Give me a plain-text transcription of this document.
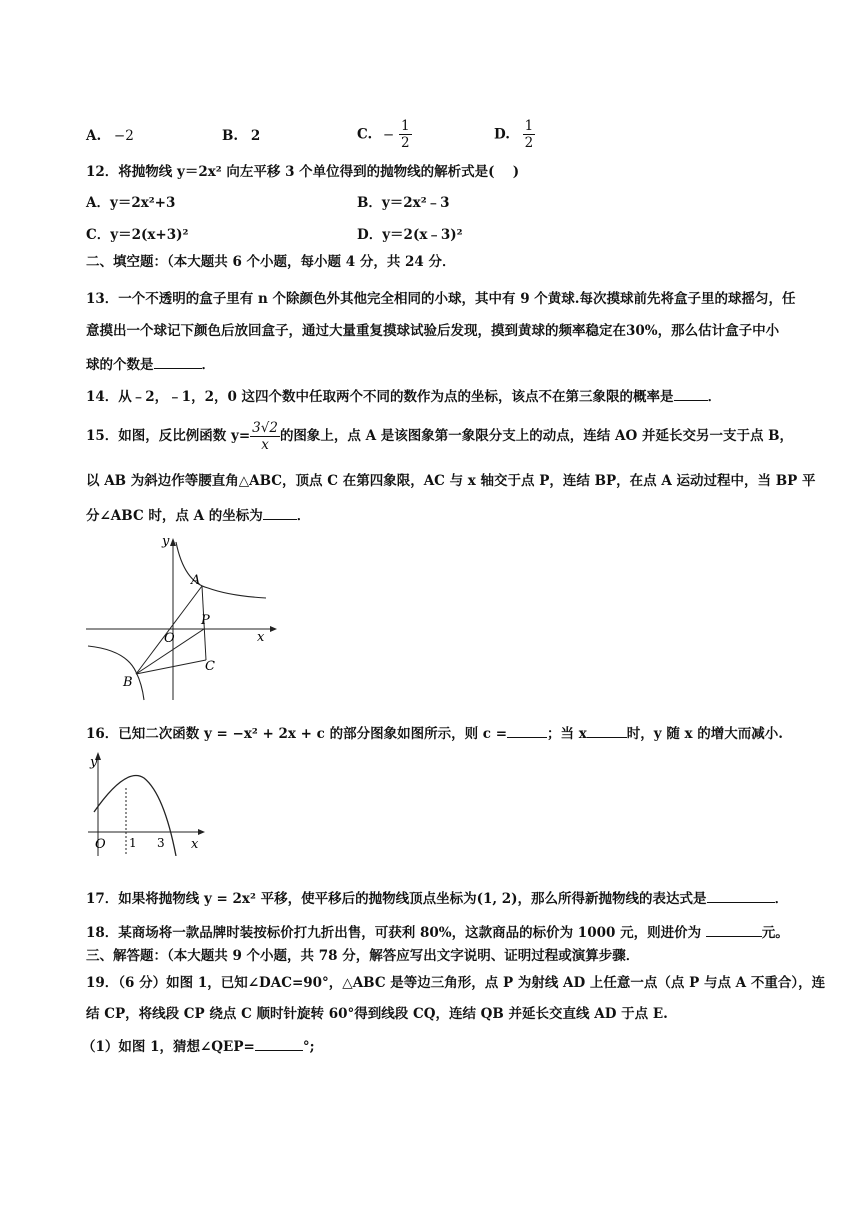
A. −2	B. 2	C. − $\frac{1}{2}$	D. $\frac{1}{2}$
12．将抛物线 y＝2x² 向左平移 3 个单位得到的抛物线的解析式是(　 )
A．y＝2x²+3	B．y＝2x²﹣3
C．y＝2(x+3)²	D．y＝2(x﹣3)²
二、填空题：（本大题共 6 个小题，每小题 4 分，共 24 分．
13．一个不透明的盒子里有 n 个除颜色外其他完全相同的小球，其中有 9 个黄球.每次摸球前先将盒子里的球摇匀，任
意摸出一个球记下颜色后放回盒子，通过大量重复摸球试验后发现，摸到黄球的频率稳定在30%，那么估计盒子中小
球的个数是	．
14．从﹣2，﹣1，2，0 这四个数中任取两个不同的数作为点的坐标，该点不在第三象限的概率是	．
15．如图，反比例函数 $y= \frac{3√2}{x}$ 的图象上，点 A 是该图象第一象限分支上的动点，连结 AO 并延长交另一支于点 B，
以 AB 为斜边作等腰直角△ABC，顶点 C 在第四象限，AC 与 x 轴交于点 P，连结 BP，在点 A 运动过程中，当 BP 平
分∠ABC 时，点 A 的坐标为	．
y
x
O
A
P
C
B
16．已知二次函数 y = −x² + 2x + c 的部分图象如图所示，则 c =	；当 x	时，y 随 x 的增大而减小.
y
x
O 1 3
17．如果将抛物线 y = 2x² 平移，使平移后的抛物线顶点坐标为(1, 2)，那么所得新抛物线的表达式是	．
18．某商场将一款品牌时装按标价打九折出售，可获利 80%，这款商品的标价为 1000 元，则进价为	元。
三、解答题：（本大题共 9 个小题，共 78 分，解答应写出文字说明、证明过程或演算步骤．
19．（6 分）如图 1，已知∠DAC=90°，△ABC 是等边三角形，点 P 为射线 AD 上任意一点（点 P 与点 A 不重合），连
结 CP，将线段 CP 绕点 C 顺时针旋转 60°得到线段 CQ，连结 QB 并延长交直线 AD 于点 E.
（1）如图 1，猜想∠QEP=	°;
